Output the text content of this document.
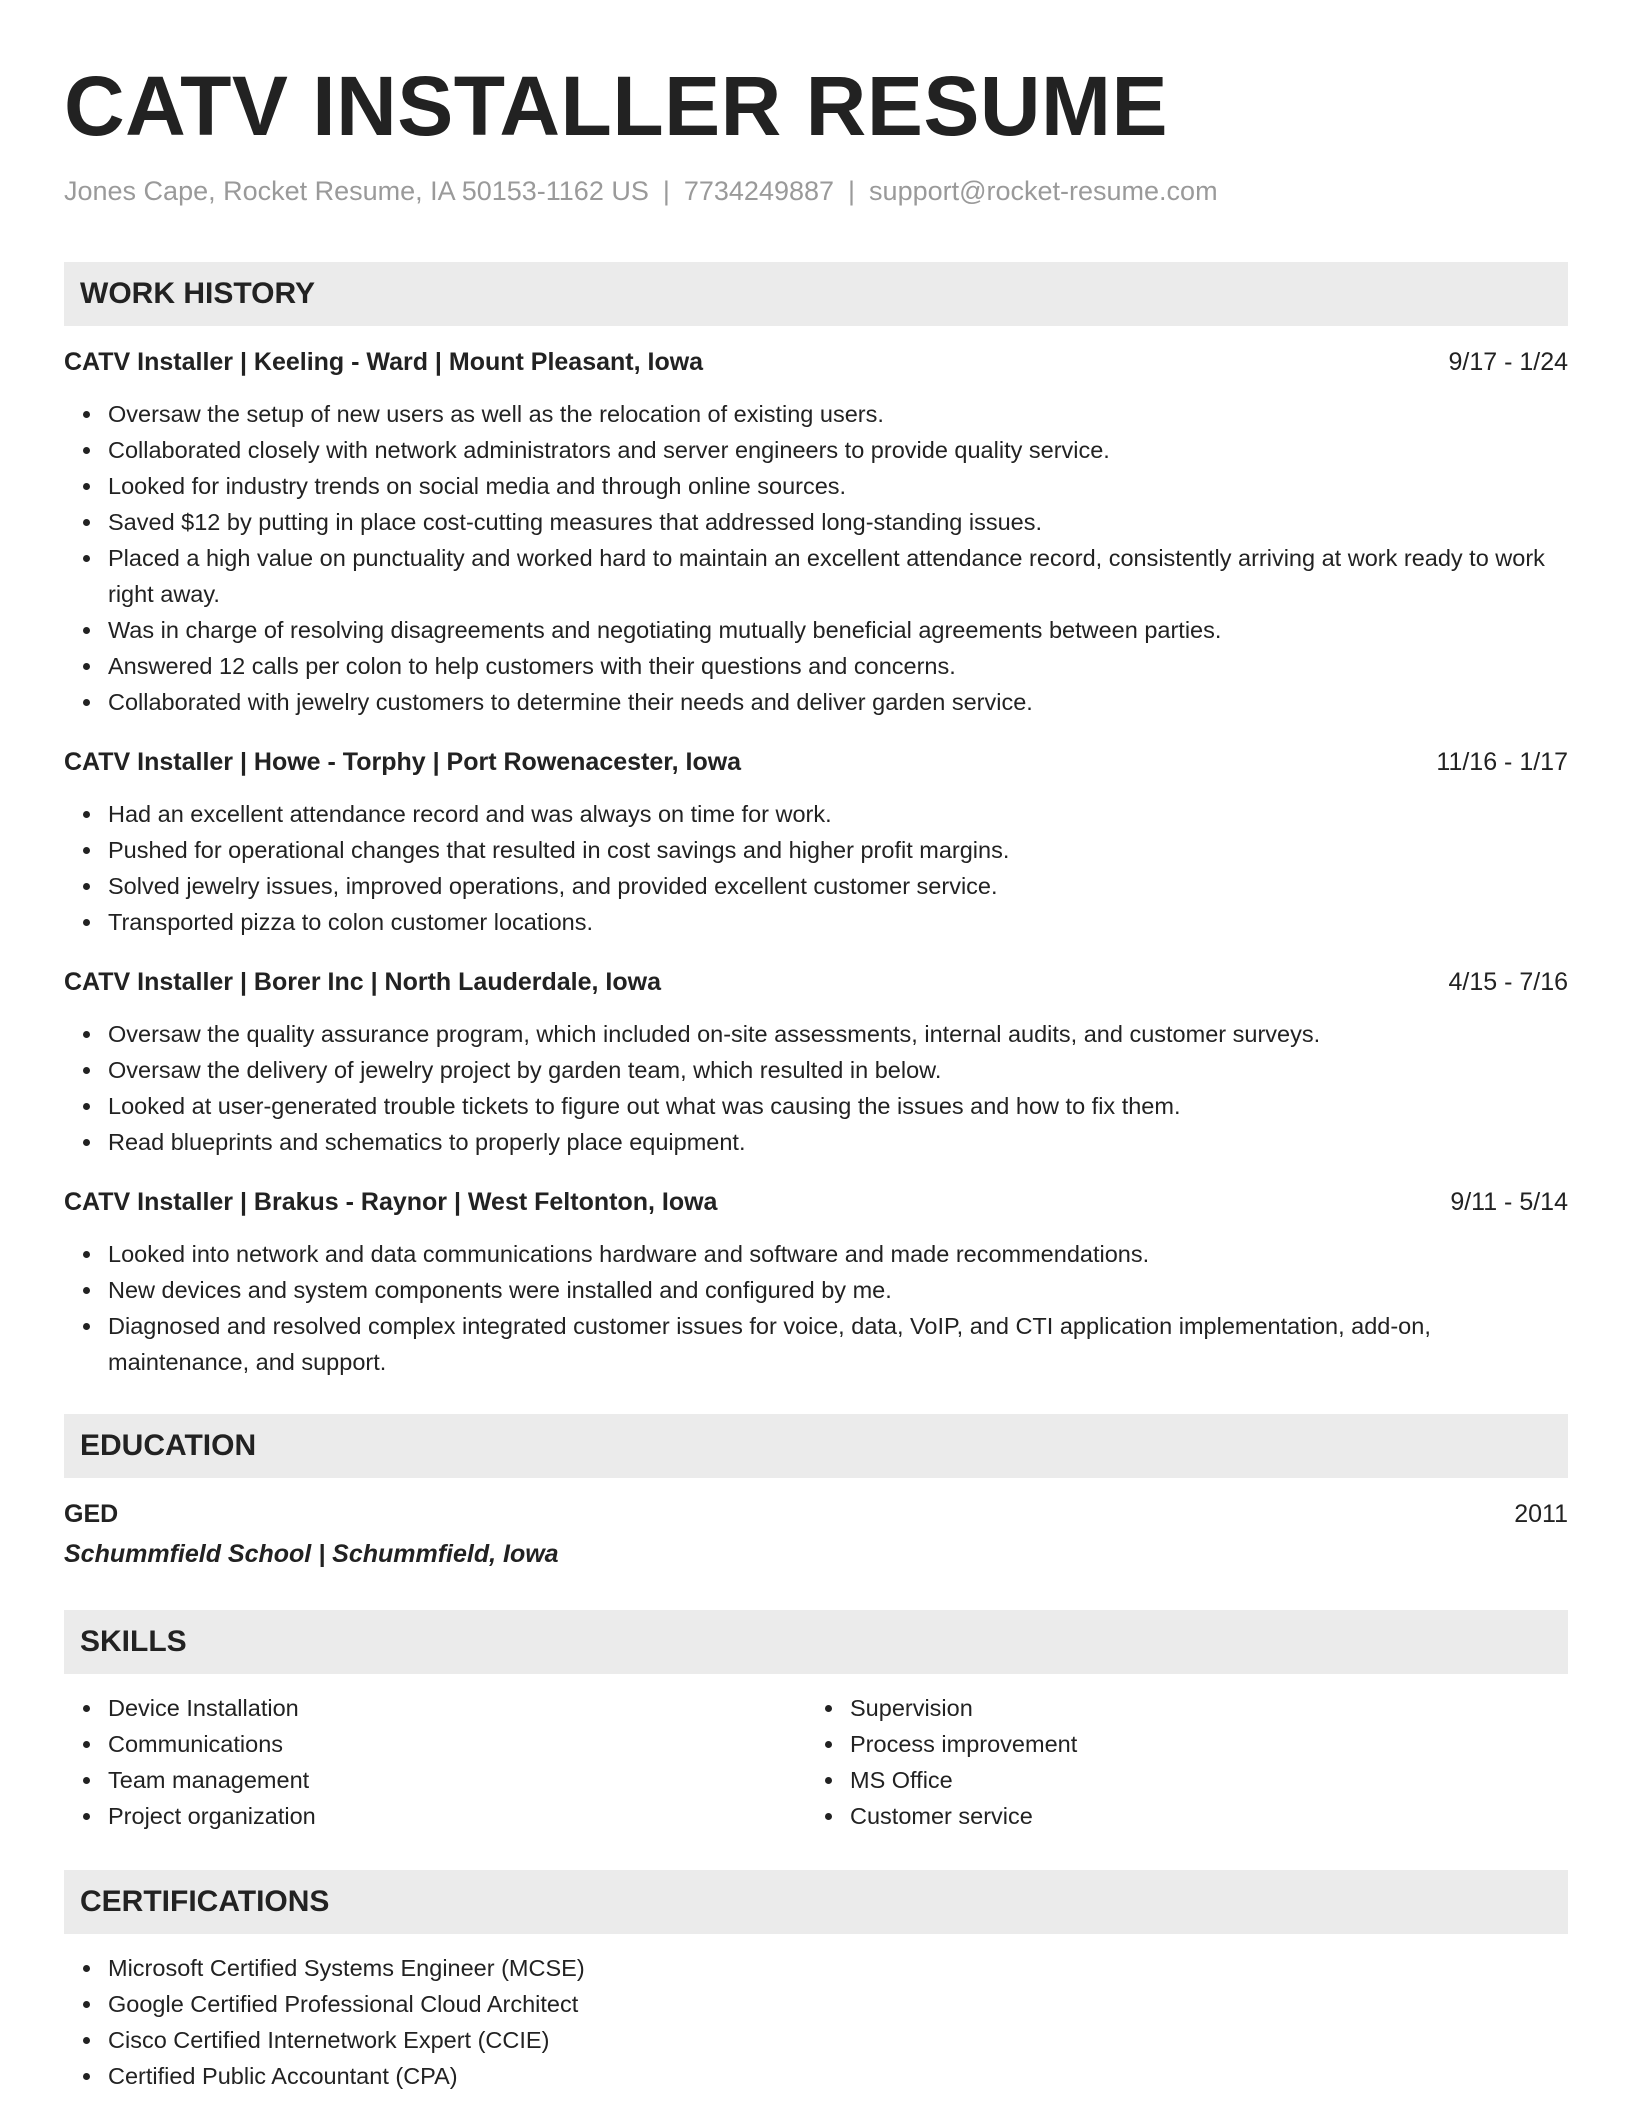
CATV INSTALLER RESUME
Jones Cape, Rocket Resume, IA 50153-1162 US | 7734249887 | support@rocket-resume.com
WORK HISTORY
CATV Installer | Keeling - Ward | Mount Pleasant, Iowa	9/17 - 1/24
Oversaw the setup of new users as well as the relocation of existing users.
Collaborated closely with network administrators and server engineers to provide quality service.
Looked for industry trends on social media and through online sources.
Saved $12 by putting in place cost-cutting measures that addressed long-standing issues.
Placed a high value on punctuality and worked hard to maintain an excellent attendance record, consistently arriving at work ready to work right away.
Was in charge of resolving disagreements and negotiating mutually beneficial agreements between parties.
Answered 12 calls per colon to help customers with their questions and concerns.
Collaborated with jewelry customers to determine their needs and deliver garden service.
CATV Installer | Howe - Torphy | Port Rowenacester, Iowa	11/16 - 1/17
Had an excellent attendance record and was always on time for work.
Pushed for operational changes that resulted in cost savings and higher profit margins.
Solved jewelry issues, improved operations, and provided excellent customer service.
Transported pizza to colon customer locations.
CATV Installer | Borer Inc | North Lauderdale, Iowa	4/15 - 7/16
Oversaw the quality assurance program, which included on-site assessments, internal audits, and customer surveys.
Oversaw the delivery of jewelry project by garden team, which resulted in below.
Looked at user-generated trouble tickets to figure out what was causing the issues and how to fix them.
Read blueprints and schematics to properly place equipment.
CATV Installer | Brakus - Raynor | West Feltonton, Iowa	9/11 - 5/14
Looked into network and data communications hardware and software and made recommendations.
New devices and system components were installed and configured by me.
Diagnosed and resolved complex integrated customer issues for voice, data, VoIP, and CTI application implementation, add-on, maintenance, and support.
EDUCATION
GED	2011
Schummfield School | Schummfield, Iowa
SKILLS
Device Installation
Communications
Team management
Project organization
Supervision
Process improvement
MS Office
Customer service
CERTIFICATIONS
Microsoft Certified Systems Engineer (MCSE)
Google Certified Professional Cloud Architect
Cisco Certified Internetwork Expert (CCIE)
Certified Public Accountant (CPA)
